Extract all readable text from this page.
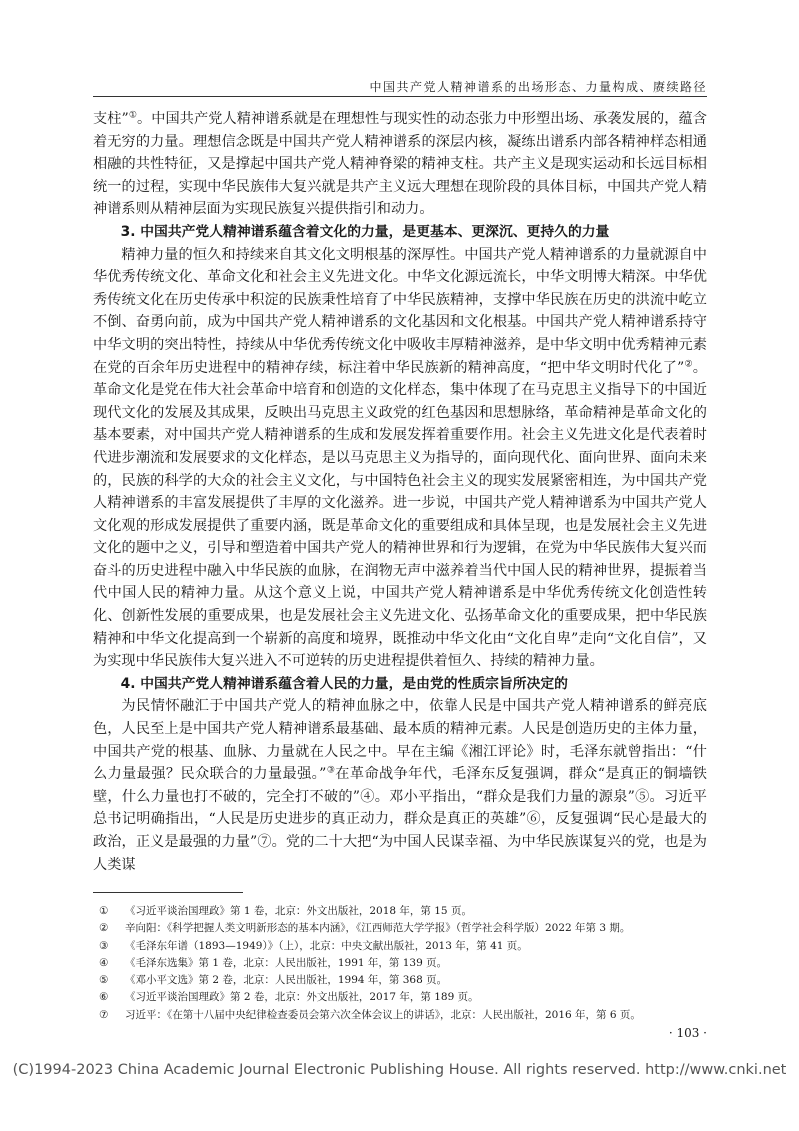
中国共产党人精神谱系的出场形态、力量构成、赓续路径

支柱”①。中国共产党人精神谱系就是在理想性与现实性的动态张力中形塑出场、承袭发展的，蕴含着无穷的力量。理想信念既是中国共产党人精神谱系的深层内核，凝练出谱系内部各精神样态相通相融的共性特征，又是撑起中国共产党人精神脊梁的精神支柱。共产主义是现实运动和长远目标相统一的过程，实现中华民族伟大复兴就是共产主义远大理想在现阶段的具体目标，中国共产党人精神谱系则从精神层面为实现民族复兴提供指引和动力。

3. 中国共产党人精神谱系蕴含着文化的力量，是更基本、更深沉、更持久的力量

精神力量的恒久和持续来自其文化文明根基的深厚性。中国共产党人精神谱系的力量就源自中华优秀传统文化、革命文化和社会主义先进文化。中华文化源远流长，中华文明博大精深。中华优秀传统文化在历史传承中积淀的民族秉性培育了中华民族精神，支撑中华民族在历史的洪流中屹立不倒、奋勇向前，成为中国共产党人精神谱系的文化基因和文化根基。中国共产党人精神谱系持守中华文明的突出特性，持续从中华优秀传统文化中吸收丰厚精神滋养，是中华文明中优秀精神元素在党的百余年历史进程中的精神存续，标注着中华民族新的精神高度，“把中华文明时代化了”②。革命文化是党在伟大社会革命中培育和创造的文化样态，集中体现了在马克思主义指导下的中国近现代文化的发展及其成果，反映出马克思主义政党的红色基因和思想脉络，革命精神是革命文化的基本要素，对中国共产党人精神谱系的生成和发展发挥着重要作用。社会主义先进文化是代表着时代进步潮流和发展要求的文化样态，是以马克思主义为指导的，面向现代化、面向世界、面向未来的，民族的科学的大众的社会主义文化，与中国特色社会主义的现实发展紧密相连，为中国共产党人精神谱系的丰富发展提供了丰厚的文化滋养。进一步说，中国共产党人精神谱系为中国共产党人文化观的形成发展提供了重要内涵，既是革命文化的重要组成和具体呈现，也是发展社会主义先进文化的题中之义，引导和塑造着中国共产党人的精神世界和行为逻辑，在党为中华民族伟大复兴而奋斗的历史进程中融入中华民族的血脉，在润物无声中滋养着当代中国人民的精神世界，提振着当代中国人民的精神力量。从这个意义上说，中国共产党人精神谱系是中华优秀传统文化创造性转化、创新性发展的重要成果，也是发展社会主义先进文化、弘扬革命文化的重要成果，把中华民族精神和中华文化提高到一个崭新的高度和境界，既推动中华文化由“文化自卑”走向“文化自信”，又为实现中华民族伟大复兴进入不可逆转的历史进程提供着恒久、持续的精神力量。

4. 中国共产党人精神谱系蕴含着人民的力量，是由党的性质宗旨所决定的

为民情怀融汇于中国共产党人的精神血脉之中，依靠人民是中国共产党人精神谱系的鲜亮底色，人民至上是中国共产党人精神谱系最基础、最本质的精神元素。人民是创造历史的主体力量，中国共产党的根基、血脉、力量就在人民之中。早在主编《湘江评论》时，毛泽东就曾指出：“什么力量最强？民众联合的力量最强。”③在革命战争年代，毛泽东反复强调，群众“是真正的铜墙铁壁，什么力量也打不破的，完全打不破的”④。邓小平指出，“群众是我们力量的源泉”⑤。习近平总书记明确指出，“人民是历史进步的真正动力，群众是真正的英雄”⑥，反复强调“民心是最大的政治，正义是最强的力量”⑦。党的二十大把“为中国人民谋幸福、为中华民族谋复兴的党，也是为人类谋

①	《习近平谈治国理政》第 1 卷，北京：外文出版社，2018 年，第 15 页。
②	辛向阳：《科学把握人类文明新形态的基本内涵》，《江西师范大学学报》（哲学社会科学版）2022 年第 3 期。
③	《毛泽东年谱（1893—1949）》（上），北京：中央文献出版社，2013 年，第 41 页。
④	《毛泽东选集》第 1 卷，北京：人民出版社，1991 年，第 139 页。
⑤	《邓小平文选》第 2 卷，北京：人民出版社，1994 年，第 368 页。
⑥	《习近平谈治国理政》第 2 卷，北京：外文出版社，2017 年，第 189 页。
⑦	习近平：《在第十八届中央纪律检查委员会第六次全体会议上的讲话》，北京：人民出版社，2016 年，第 6 页。
· 103 ·
(C)1994-2023 China Academic Journal Electronic Publishing House. All rights reserved. http://www.cnki.net
